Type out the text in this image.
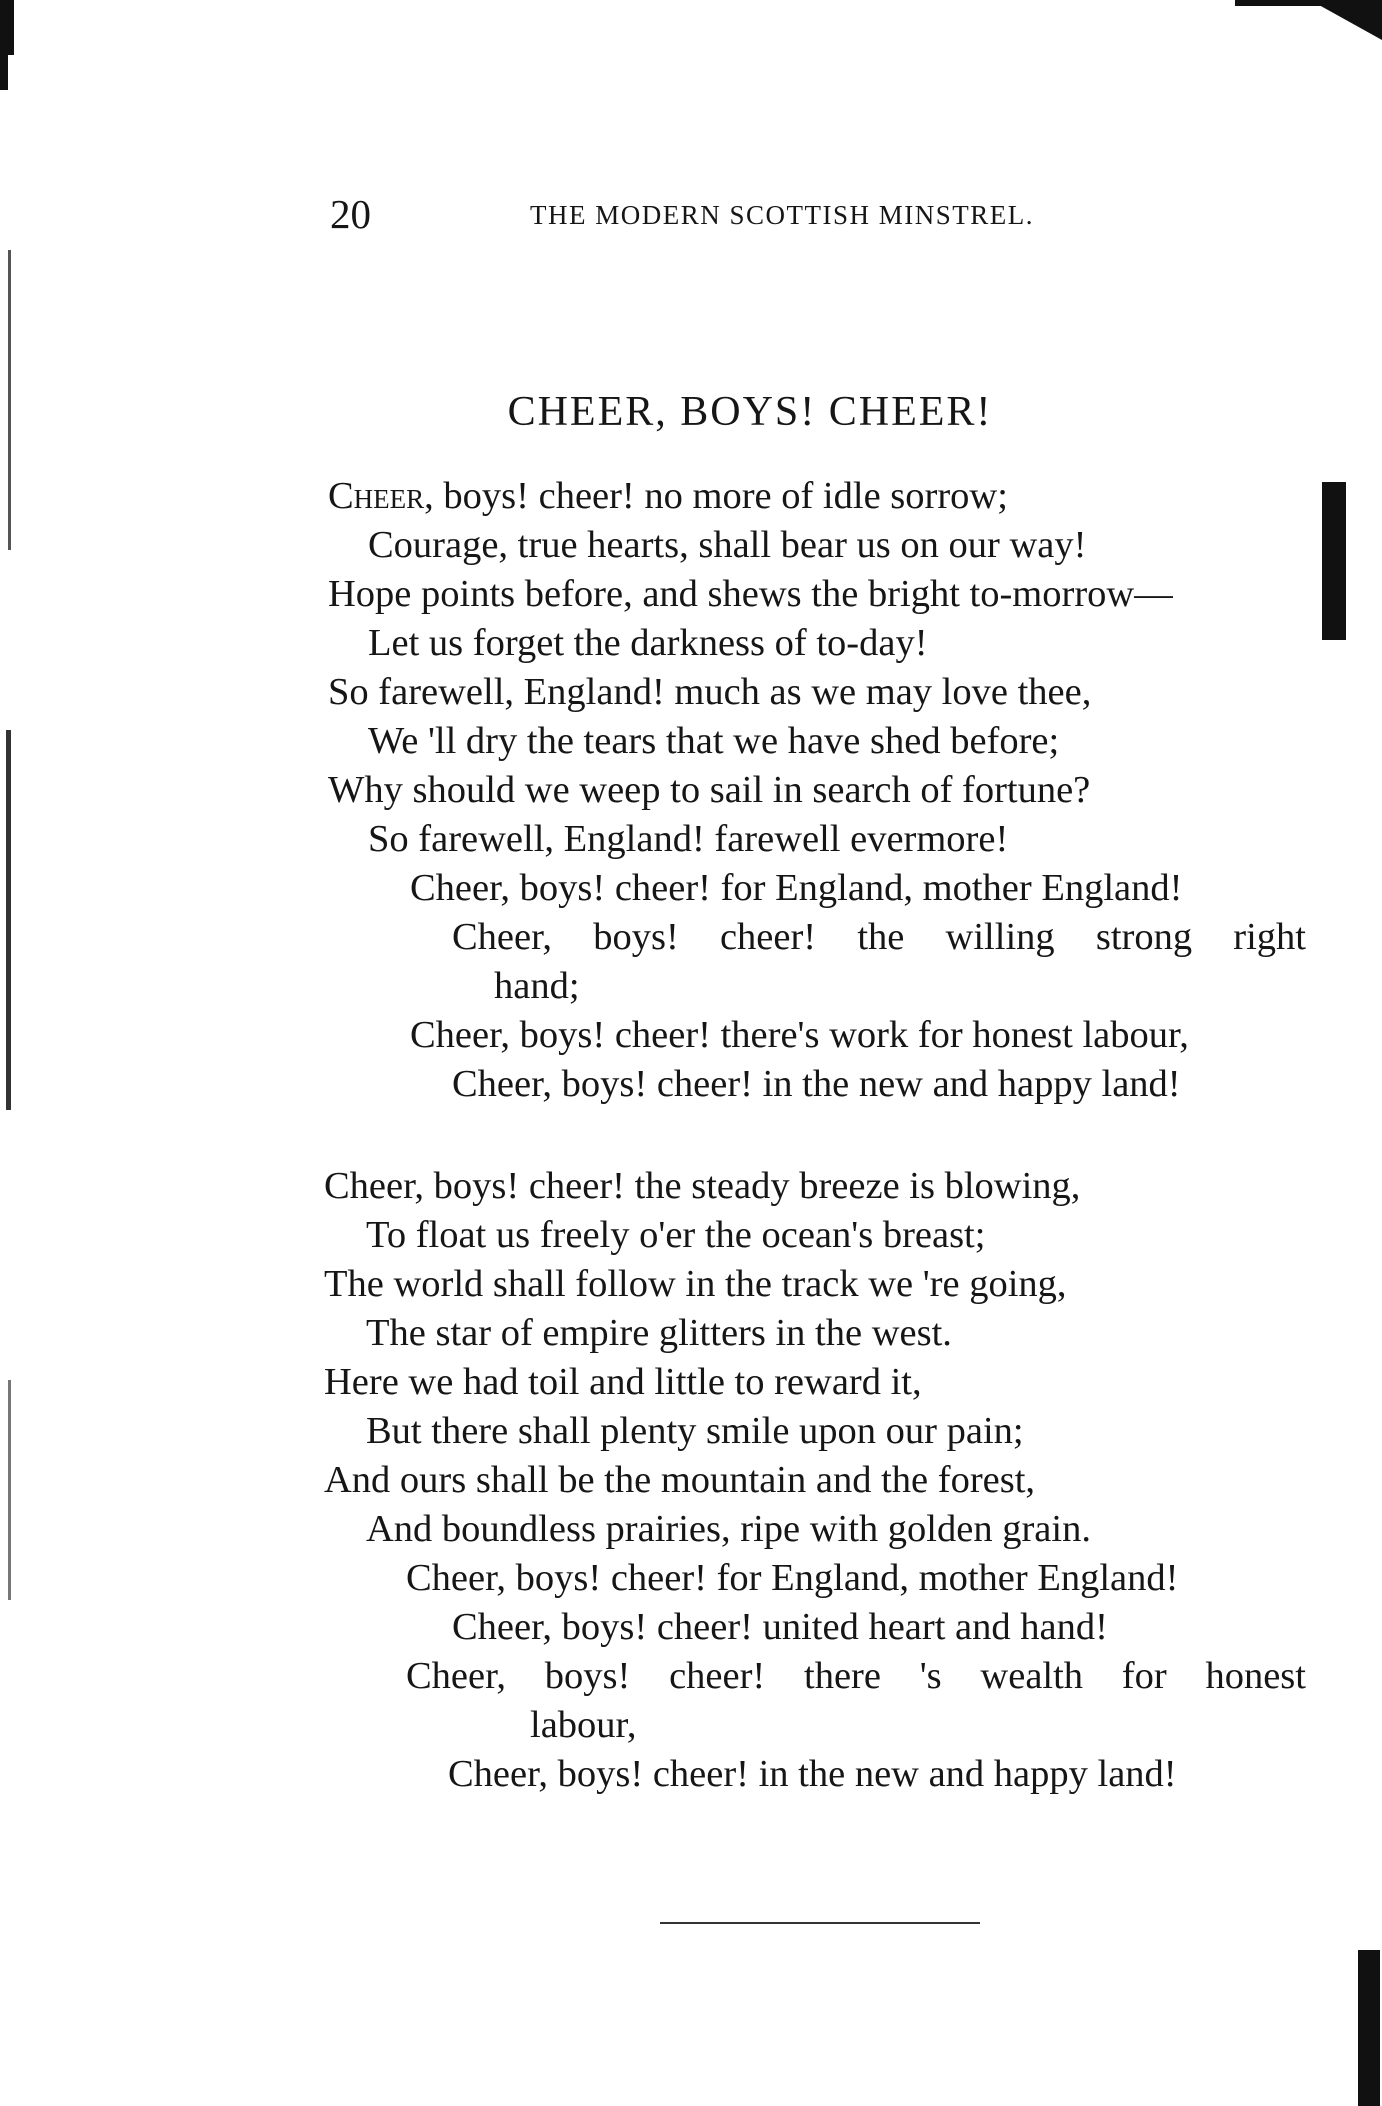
20	THE MODERN SCOTTISH MINSTREL.
CHEER, BOYS! CHEER!
Cheer, boys! cheer! no more of idle sorrow;
Courage, true hearts, shall bear us on our way!
Hope points before, and shews the bright to-morrow—
Let us forget the darkness of to-day!
So farewell, England! much as we may love thee,
We 'll dry the tears that we have shed before;
Why should we weep to sail in search of fortune?
So farewell, England! farewell evermore!
Cheer, boys! cheer! for England, mother England!
Cheer, boys! cheer! the willing strong right
hand;
Cheer, boys! cheer! there's work for honest labour,
Cheer, boys! cheer! in the new and happy land!
Cheer, boys! cheer! the steady breeze is blowing,
To float us freely o'er the ocean's breast;
The world shall follow in the track we 're going,
The star of empire glitters in the west.
Here we had toil and little to reward it,
But there shall plenty smile upon our pain;
And ours shall be the mountain and the forest,
And boundless prairies, ripe with golden grain.
Cheer, boys! cheer! for England, mother England!
Cheer, boys! cheer! united heart and hand!
Cheer, boys! cheer! there 's wealth for honest
labour,
Cheer, boys! cheer! in the new and happy land!
